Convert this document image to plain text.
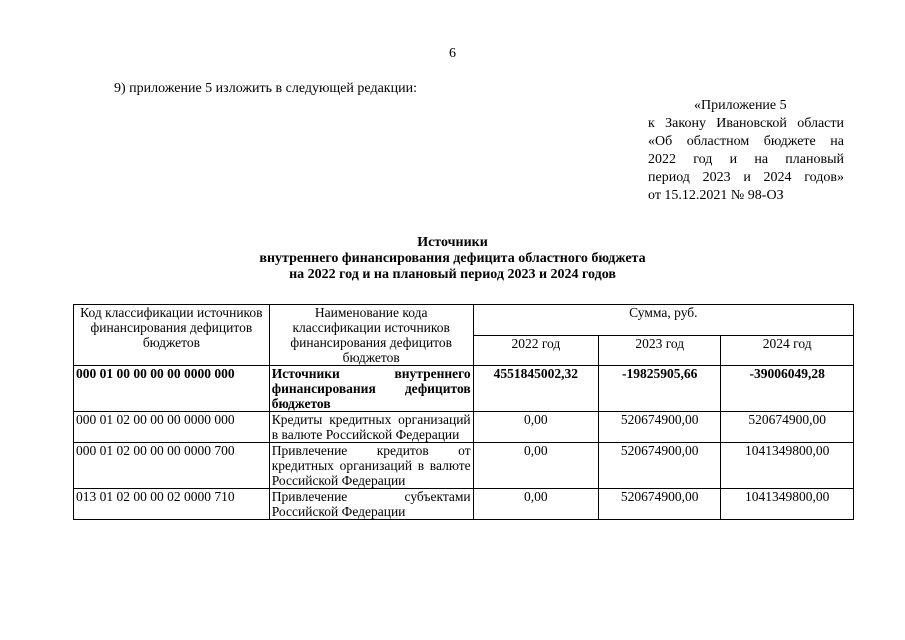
6
9) приложение 5 изложить в следующей редакции:
«Приложение 5
к Закону Ивановской области
«Об областном бюджете на
2022 год и на плановый
период 2023 и 2024 годов»
от 15.12.2021 № 98-ОЗ
Источники
внутреннего финансирования дефицита областного бюджета
на 2022 год и на плановый период 2023 и 2024 годов
Код классификации источников финансирования дефицитов бюджетов	Наименование кода классификации источников финансирования дефицитов бюджетов	Сумма, руб.		
		2022 год	2023 год	2024 год
000 01 00 00 00 00 0000 000	Источники внутреннего финансирования дефицитов бюджетов	4551845002,32	-19825905,66	-39006049,28
000 01 02 00 00 00 0000 000	Кредиты кредитных организаций в валюте Российской Федерации	0,00	520674900,00	520674900,00
000 01 02 00 00 00 0000 700	Привлечение кредитов от кредитных организаций в валюте Российской Федерации	0,00	520674900,00	1041349800,00
013 01 02 00 00 02 0000 710	Привлечение субъектами Российской Федерации	0,00	520674900,00	1041349800,00
